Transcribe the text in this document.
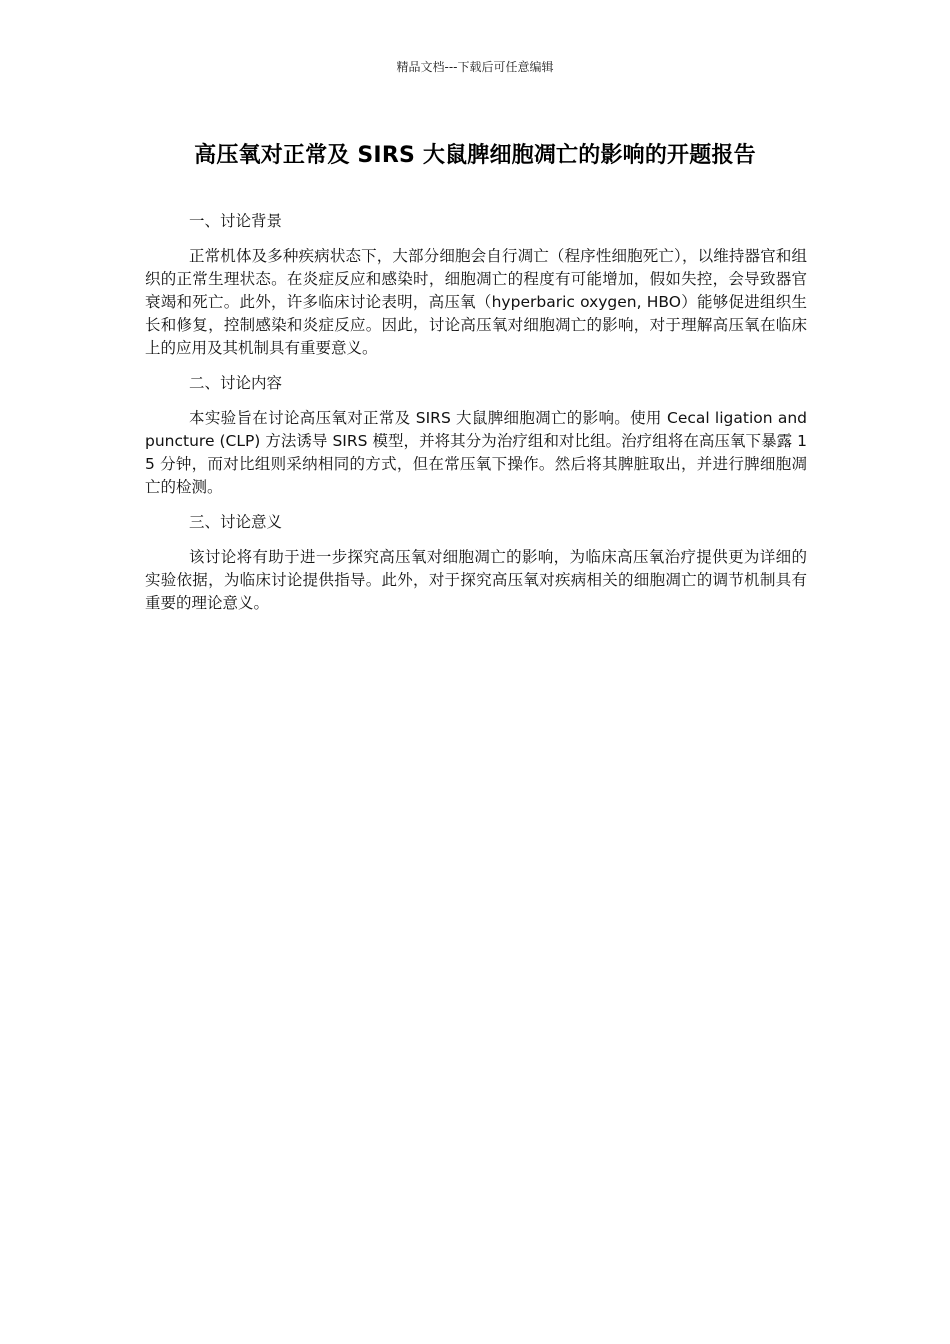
精品文档---下载后可任意编辑
高压氧对正常及 SIRS 大鼠脾细胞凋亡的影响的开题报告

一、讨论背景

正常机体及多种疾病状态下，大部分细胞会自行凋亡（程序性细胞死亡），以维持器官和组织的正常生理状态。在炎症反应和感染时，细胞凋亡的程度有可能增加，假如失控，会导致器官衰竭和死亡。此外，许多临床讨论表明，高压氧（hyperbaric oxygen, HBO）能够促进组织生长和修复，控制感染和炎症反应。因此，讨论高压氧对细胞凋亡的影响，对于理解高压氧在临床上的应用及其机制具有重要意义。

二、讨论内容

本实验旨在讨论高压氧对正常及 SIRS 大鼠脾细胞凋亡的影响。使用 Cecal ligation and puncture (CLP) 方法诱导 SIRS 模型，并将其分为治疗组和对比组。治疗组将在高压氧下暴露 15 分钟，而对比组则采纳相同的方式，但在常压氧下操作。然后将其脾脏取出，并进行脾细胞凋亡的检测。

三、讨论意义

该讨论将有助于进一步探究高压氧对细胞凋亡的影响，为临床高压氧治疗提供更为详细的实验依据，为临床讨论提供指导。此外，对于探究高压氧对疾病相关的细胞凋亡的调节机制具有重要的理论意义。
